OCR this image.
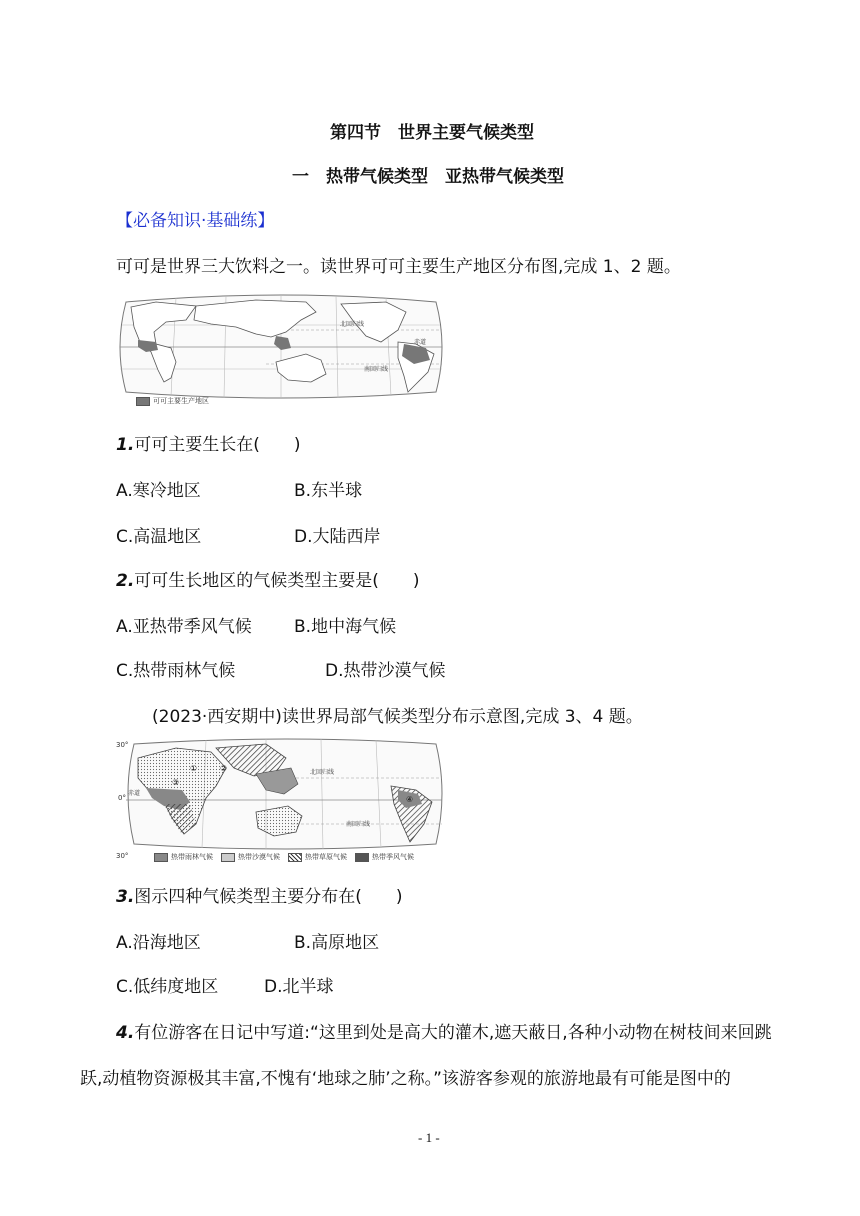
第四节　世界主要气候类型
一　热带气候类型　亚热带气候类型
【必备知识·基础练】
可可是世界三大饮料之一。读世界可可主要生产地区分布图,完成 1、2 题。
北回归线
赤道
南回归线
可可主要生产地区
1.可可主要生长在(　　)
A.寒冷地区	B.东半球
C.高温地区	D.大陆西岸
2.可可生长地区的气候类型主要是(　　)
A.亚热带季风气候 B.地中海气候
C.热带雨林气候	D.热带沙漠气候
(2023·西安期中)读世界局部气候类型分布示意图,完成 3、4 题。
30°
0°
30°
赤道
北回归线
南回归线
①	②
③
④
热带雨林气候	热带沙漠气候	热带草原气候	热带季风气候
3.图示四种气候类型主要分布在(　　)
A.沿海地区	B.高原地区
C.低纬度地区	D.北半球
4.有位游客在日记中写道:“这里到处是高大的灌木,遮天蔽日,各种小动物在树枝间来回跳
跃,动植物资源极其丰富,不愧有‘地球之肺’之称。”该游客参观的旅游地最有可能是图中的
- 1 -
